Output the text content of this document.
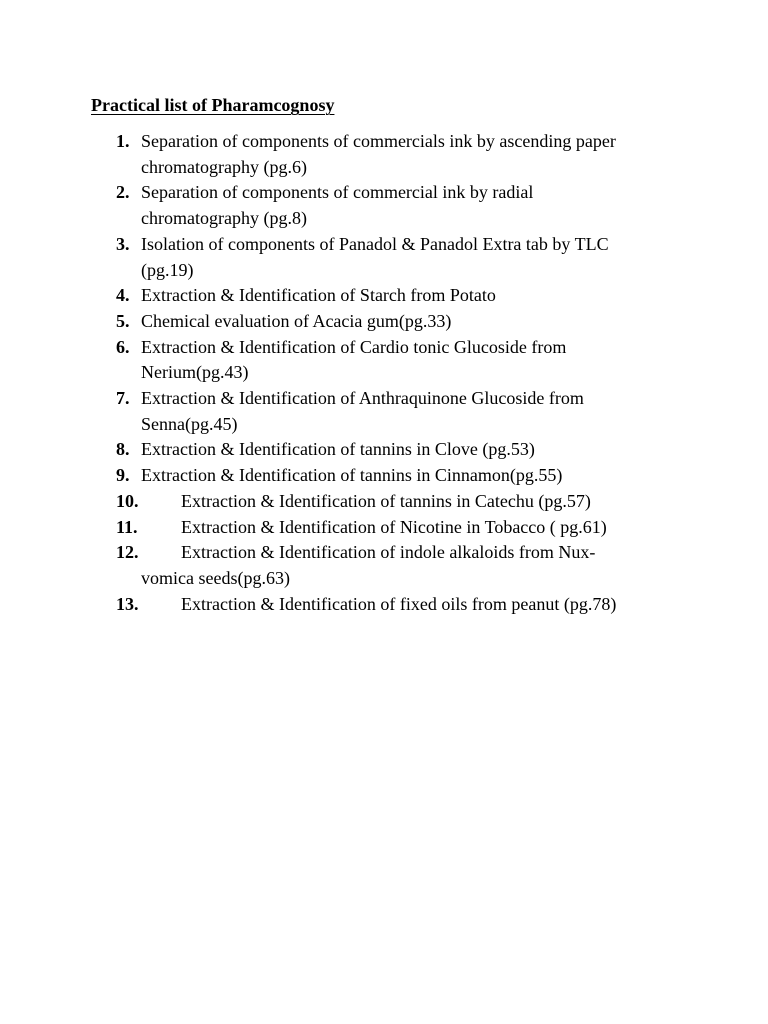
Practical list of Pharamcognosy
1. Separation of components of commercials ink by ascending paper
chromatography (pg.6)
2. Separation of components of commercial ink by radial
chromatography (pg.8)
3. Isolation of components of Panadol & Panadol Extra tab by TLC
(pg.19)
4. Extraction & Identification of Starch from Potato
5. Chemical evaluation of Acacia gum(pg.33)
6. Extraction & Identification of Cardio tonic Glucoside from
Nerium(pg.43)
7. Extraction & Identification of Anthraquinone Glucoside from
Senna(pg.45)
8. Extraction & Identification of tannins in Clove (pg.53)
9. Extraction & Identification of tannins in Cinnamon(pg.55)
10.	Extraction & Identification of tannins in Catechu (pg.57)
11.	Extraction & Identification of Nicotine in Tobacco ( pg.61)
12.	Extraction & Identification of indole alkaloids from Nux-
vomica seeds(pg.63)
13.	Extraction & Identification of fixed oils from peanut (pg.78)
